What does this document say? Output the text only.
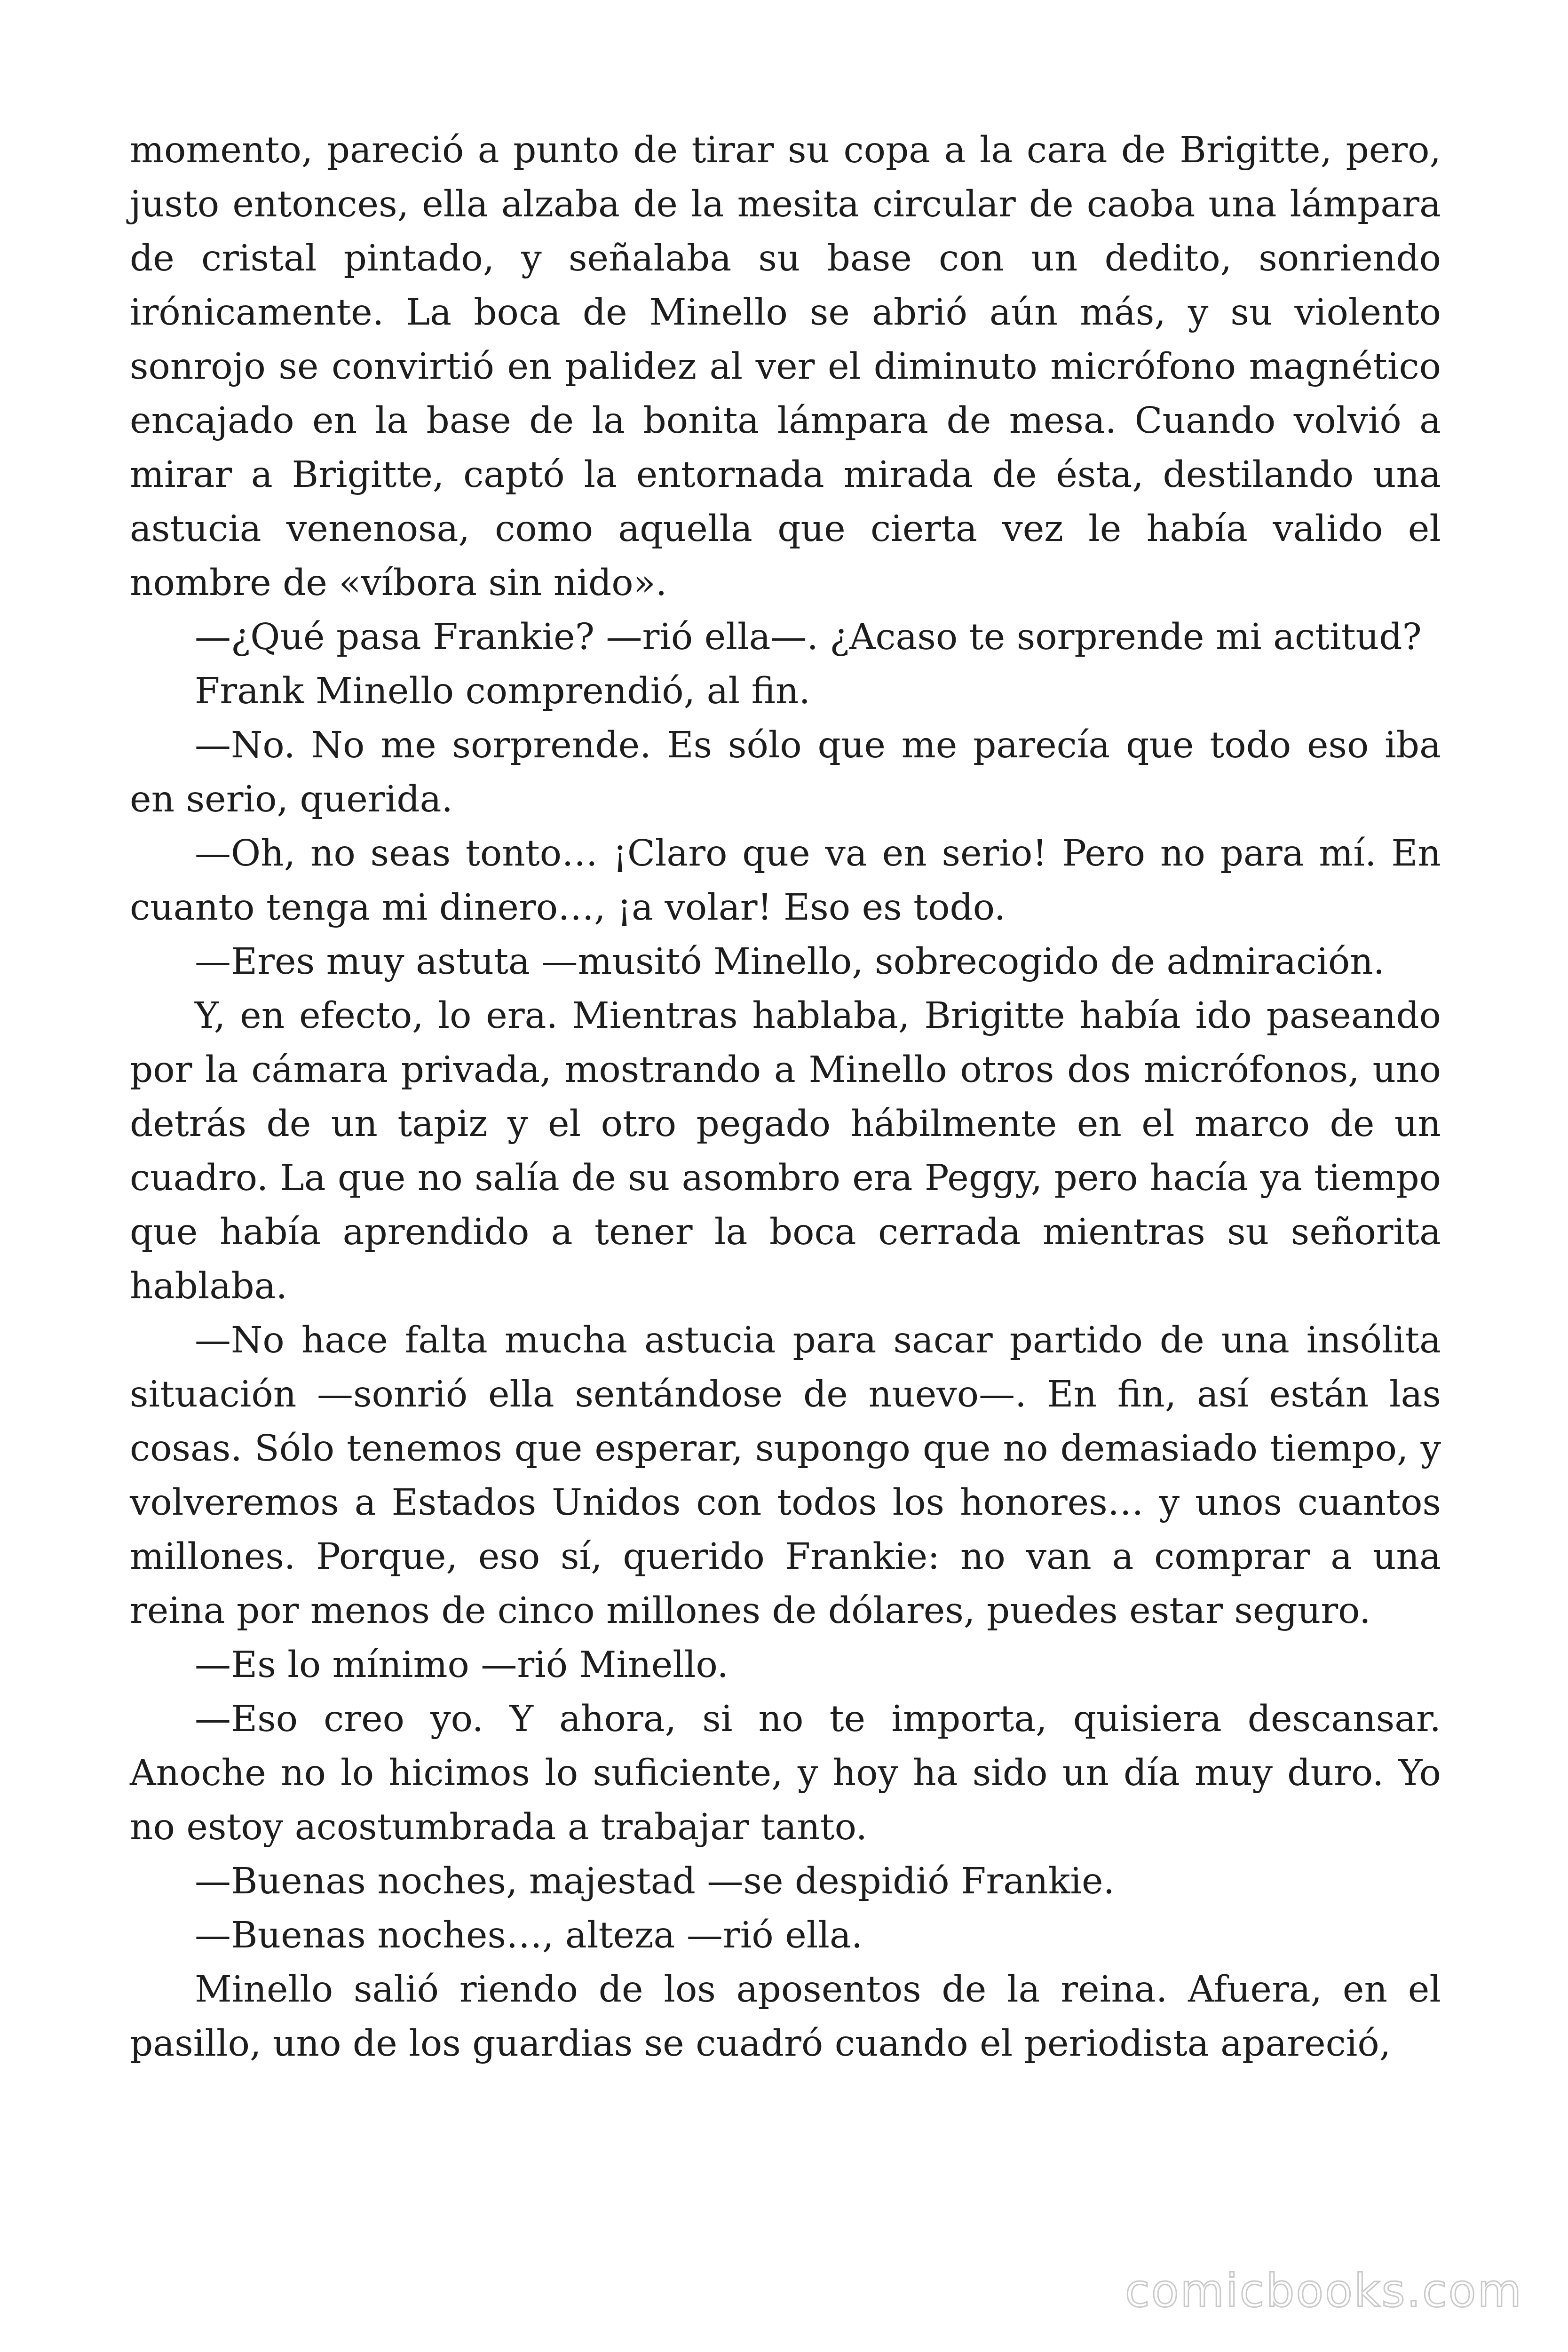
momento, pareció a punto de tirar su copa a la cara de Brigitte, pero, justo entonces, ella alzaba de la mesita circular de caoba una lámpara de cristal pintado, y señalaba su base con un dedito, sonriendo irónicamente. La boca de Minello se abrió aún más, y su violento sonrojo se convirtió en palidez al ver el diminuto micrófono magnético encajado en la base de la bonita lámpara de mesa. Cuando volvió a mirar a Brigitte, captó la entornada mirada de ésta, destilando una astucia venenosa, como aquella que cierta vez le había valido el nombre de «víbora sin nido».

—¿Qué pasa Frankie? —rió ella—. ¿Acaso te sorprende mi actitud?

Frank Minello comprendió, al fin.

—No. No me sorprende. Es sólo que me parecía que todo eso iba en serio, querida.

—Oh, no seas tonto… ¡Claro que va en serio! Pero no para mí. En cuanto tenga mi dinero…, ¡a volar! Eso es todo.

—Eres muy astuta —musitó Minello, sobrecogido de admiración.

Y, en efecto, lo era. Mientras hablaba, Brigitte había ido paseando por la cámara privada, mostrando a Minello otros dos micrófonos, uno detrás de un tapiz y el otro pegado hábilmente en el marco de un cuadro. La que no salía de su asombro era Peggy, pero hacía ya tiempo que había aprendido a tener la boca cerrada mientras su señorita hablaba.

—No hace falta mucha astucia para sacar partido de una insólita situación —sonrió ella sentándose de nuevo—. En fin, así están las cosas. Sólo tenemos que esperar, supongo que no demasiado tiempo, y volveremos a Estados Unidos con todos los honores… y unos cuantos millones. Porque, eso sí, querido Frankie: no van a comprar a una reina por menos de cinco millones de dólares, puedes estar seguro.

—Es lo mínimo —rió Minello.

—Eso creo yo. Y ahora, si no te importa, quisiera descansar. Anoche no lo hicimos lo suficiente, y hoy ha sido un día muy duro. Yo no estoy acostumbrada a trabajar tanto.

—Buenas noches, majestad —se despidió Frankie.

—Buenas noches…, alteza —rió ella.

Minello salió riendo de los aposentos de la reina. Afuera, en el pasillo, uno de los guardias se cuadró cuando el periodista apareció,

comicbooks.com
